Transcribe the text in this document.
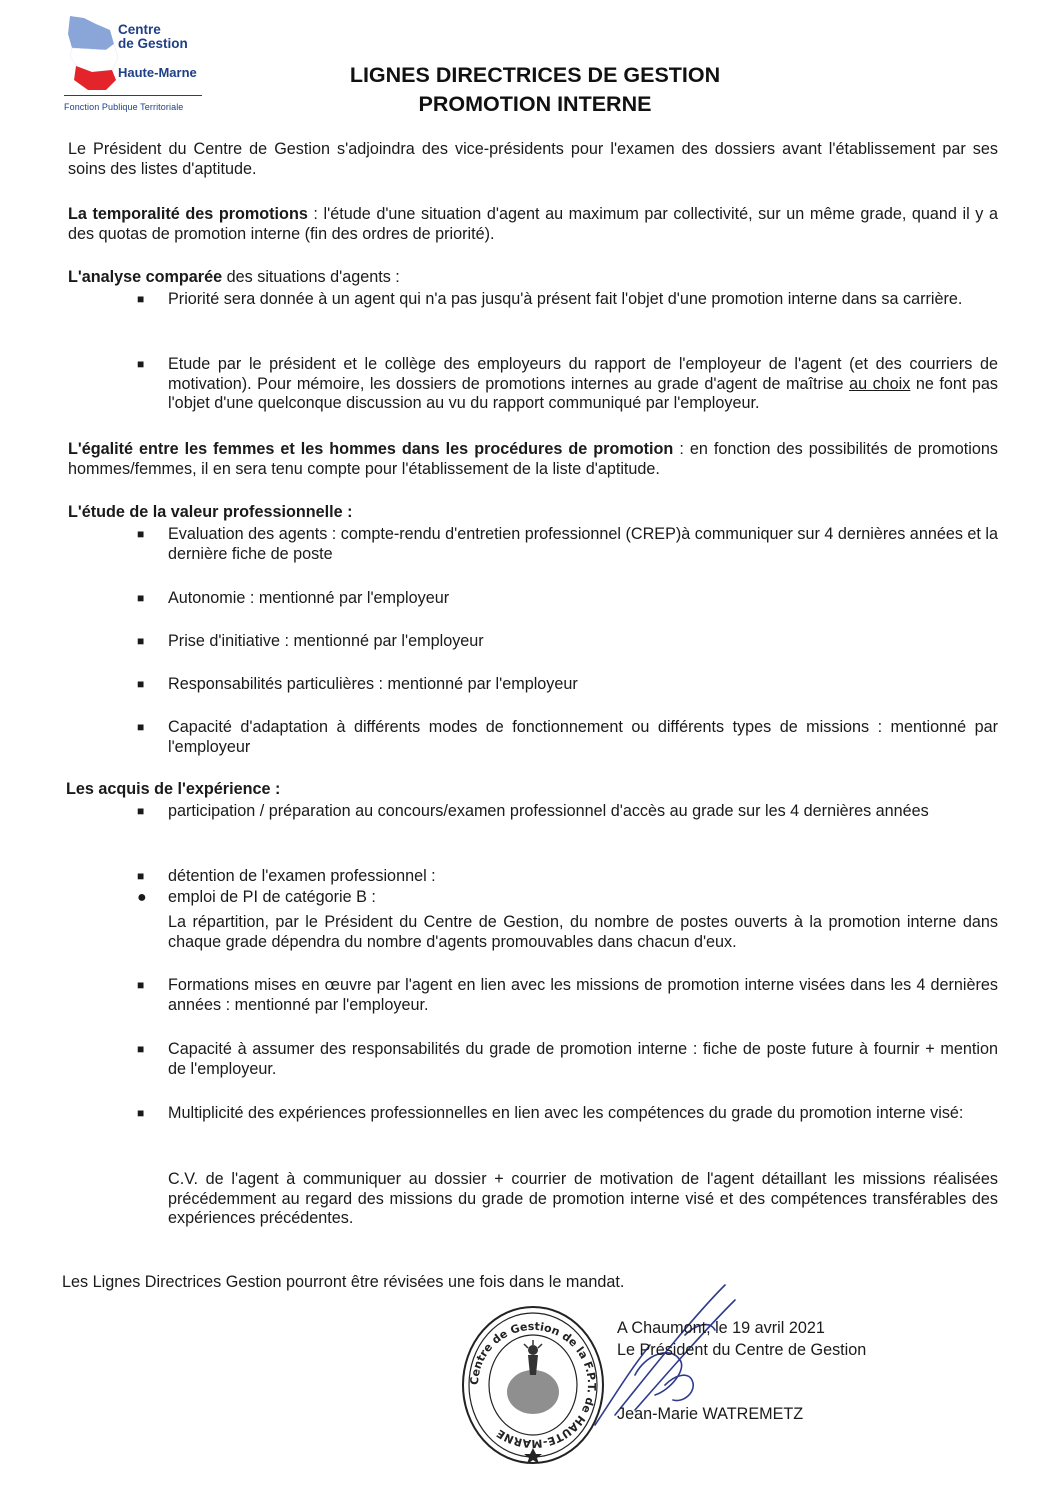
Centre
de Gestion
Haute-Marne
Fonction Publique Territoriale
LIGNES DIRECTRICES DE GESTION
PROMOTION INTERNE

Le Président du Centre de Gestion s'adjoindra des vice-présidents pour l'examen des dossiers avant l'établissement par ses soins des listes d'aptitude.

La temporalité des promotions : l'étude d'une situation d'agent au maximum par collectivité, sur un même grade, quand il y a des quotas de promotion interne (fin des ordres de priorité).

L'analyse comparée des situations d'agents :

■ Priorité sera donnée à un agent qui n'a pas jusqu'à présent fait l'objet d'une promotion interne dans sa carrière.

■ Etude par le président et le collège des employeurs du rapport de l'employeur de l'agent (et des courriers de motivation). Pour mémoire, les dossiers de promotions internes au grade d'agent de maîtrise au choix ne font pas l'objet d'une quelconque discussion au vu du rapport communiqué par l'employeur.

L'égalité entre les femmes et les hommes dans les procédures de promotion : en fonction des possibilités de promotions hommes/femmes, il en sera tenu compte pour l'établissement de la liste d'aptitude.

L'étude de la valeur professionnelle :

■ Evaluation des agents : compte-rendu d'entretien professionnel (CREP)à communiquer sur 4 dernières années et la dernière fiche de poste

■ Autonomie : mentionné par l'employeur

■ Prise d'initiative : mentionné par l'employeur

■ Responsabilités particulières : mentionné par l'employeur

■ Capacité d'adaptation à différents modes de fonctionnement ou différents types de missions : mentionné par l'employeur

Les acquis de l'expérience :

■ participation / préparation au concours/examen professionnel d'accès au grade sur les 4 dernières années

■ détention de l'examen professionnel :

● emploi de PI de catégorie B :

La répartition, par le Président du Centre de Gestion, du nombre de postes ouverts à la promotion interne dans chaque grade dépendra du nombre d'agents promouvables dans chacun d'eux.

■ Formations mises en œuvre par l'agent en lien avec les missions de promotion interne visées dans les 4 dernières années : mentionné par l'employeur.

■ Capacité à assumer des responsabilités du grade de promotion interne : fiche de poste future à fournir + mention de l'employeur.

■ Multiplicité des expériences professionnelles en lien avec les compétences du grade du promotion interne visé:

C.V. de l'agent à communiquer au dossier + courrier de motivation de l'agent détaillant les missions réalisées précédemment au regard des missions du grade de promotion interne visé et des compétences transférables des expériences précédentes.

Les Lignes Directrices Gestion pourront être révisées une fois dans le mandat.

Centre de Gestion de la F.P.T. de HAUTE-MARNE

A Chaumont, le 19 avril 2021

Le Président du Centre de Gestion

Jean-Marie WATREMETZ
